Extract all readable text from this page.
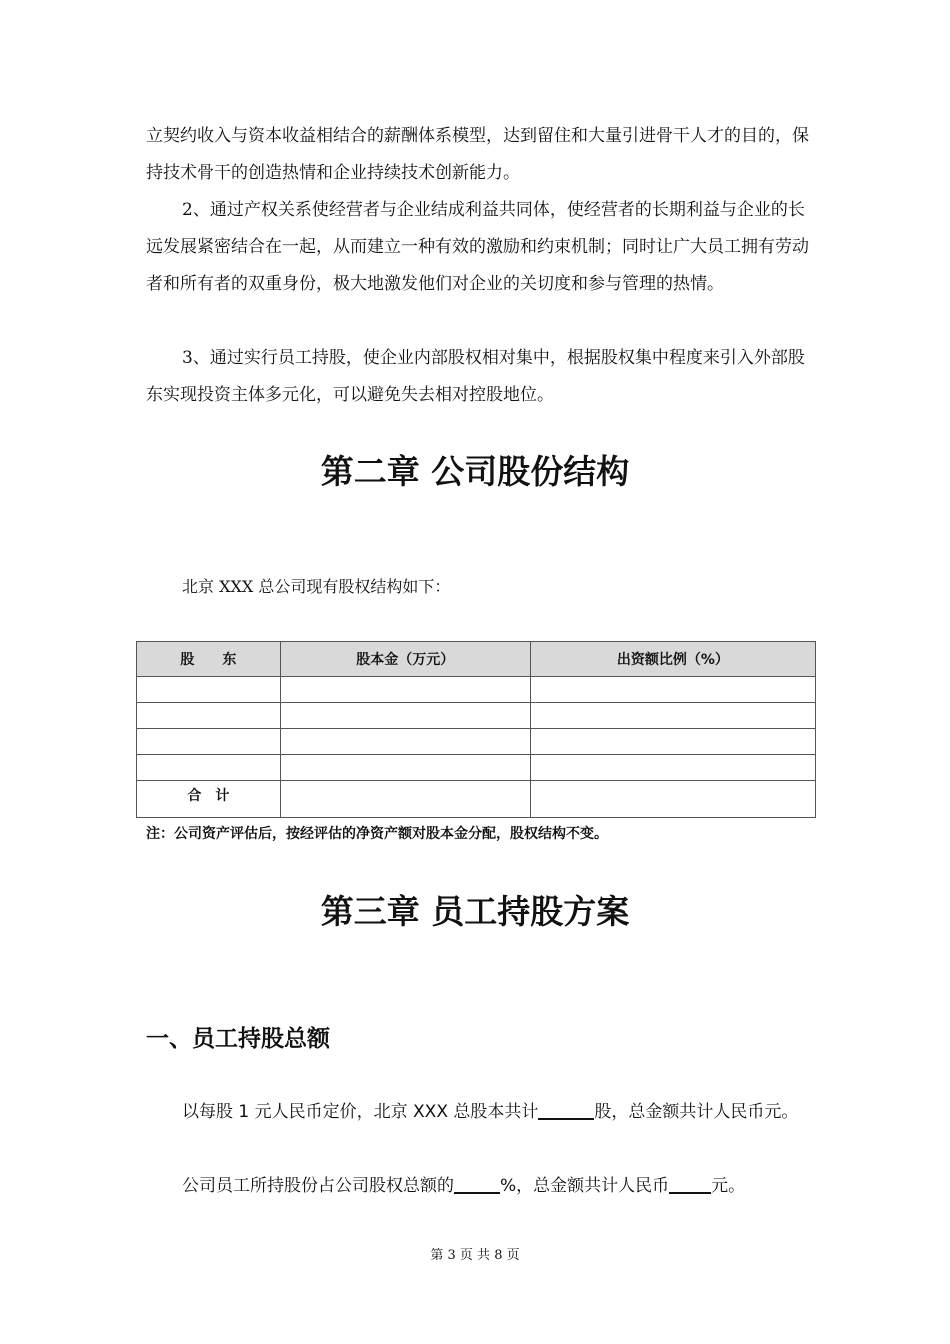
立契约收入与资本收益相结合的薪酬体系模型，达到留住和大量引进骨干人才的目的，保持技术骨干的创造热情和企业持续技术创新能力。
2、通过产权关系使经营者与企业结成利益共同体，使经营者的长期利益与企业的长远发展紧密结合在一起，从而建立一种有效的激励和约束机制；同时让广大员工拥有劳动者和所有者的双重身份，极大地激发他们对企业的关切度和参与管理的热情。
3、通过实行员工持股，使企业内部股权相对集中，根据股权集中程度来引入外部股东实现投资主体多元化，可以避免失去相对控股地位。
第二章 公司股份结构
北京 XXX 总公司现有股权结构如下：
股　　东	股本金（万元）	出资额比例（%）

合　计		
注：公司资产评估后，按经评估的净资产额对股本金分配，股权结构不变。
第三章 员工持股方案
一、员工持股总额
以每股 1 元人民币定价，北京 XXX 总股本共计	股，总金额共计人民币元。
公司员工所持股份占公司股权总额的	%，总金额共计人民币 元。
第 3 页 共 8 页
